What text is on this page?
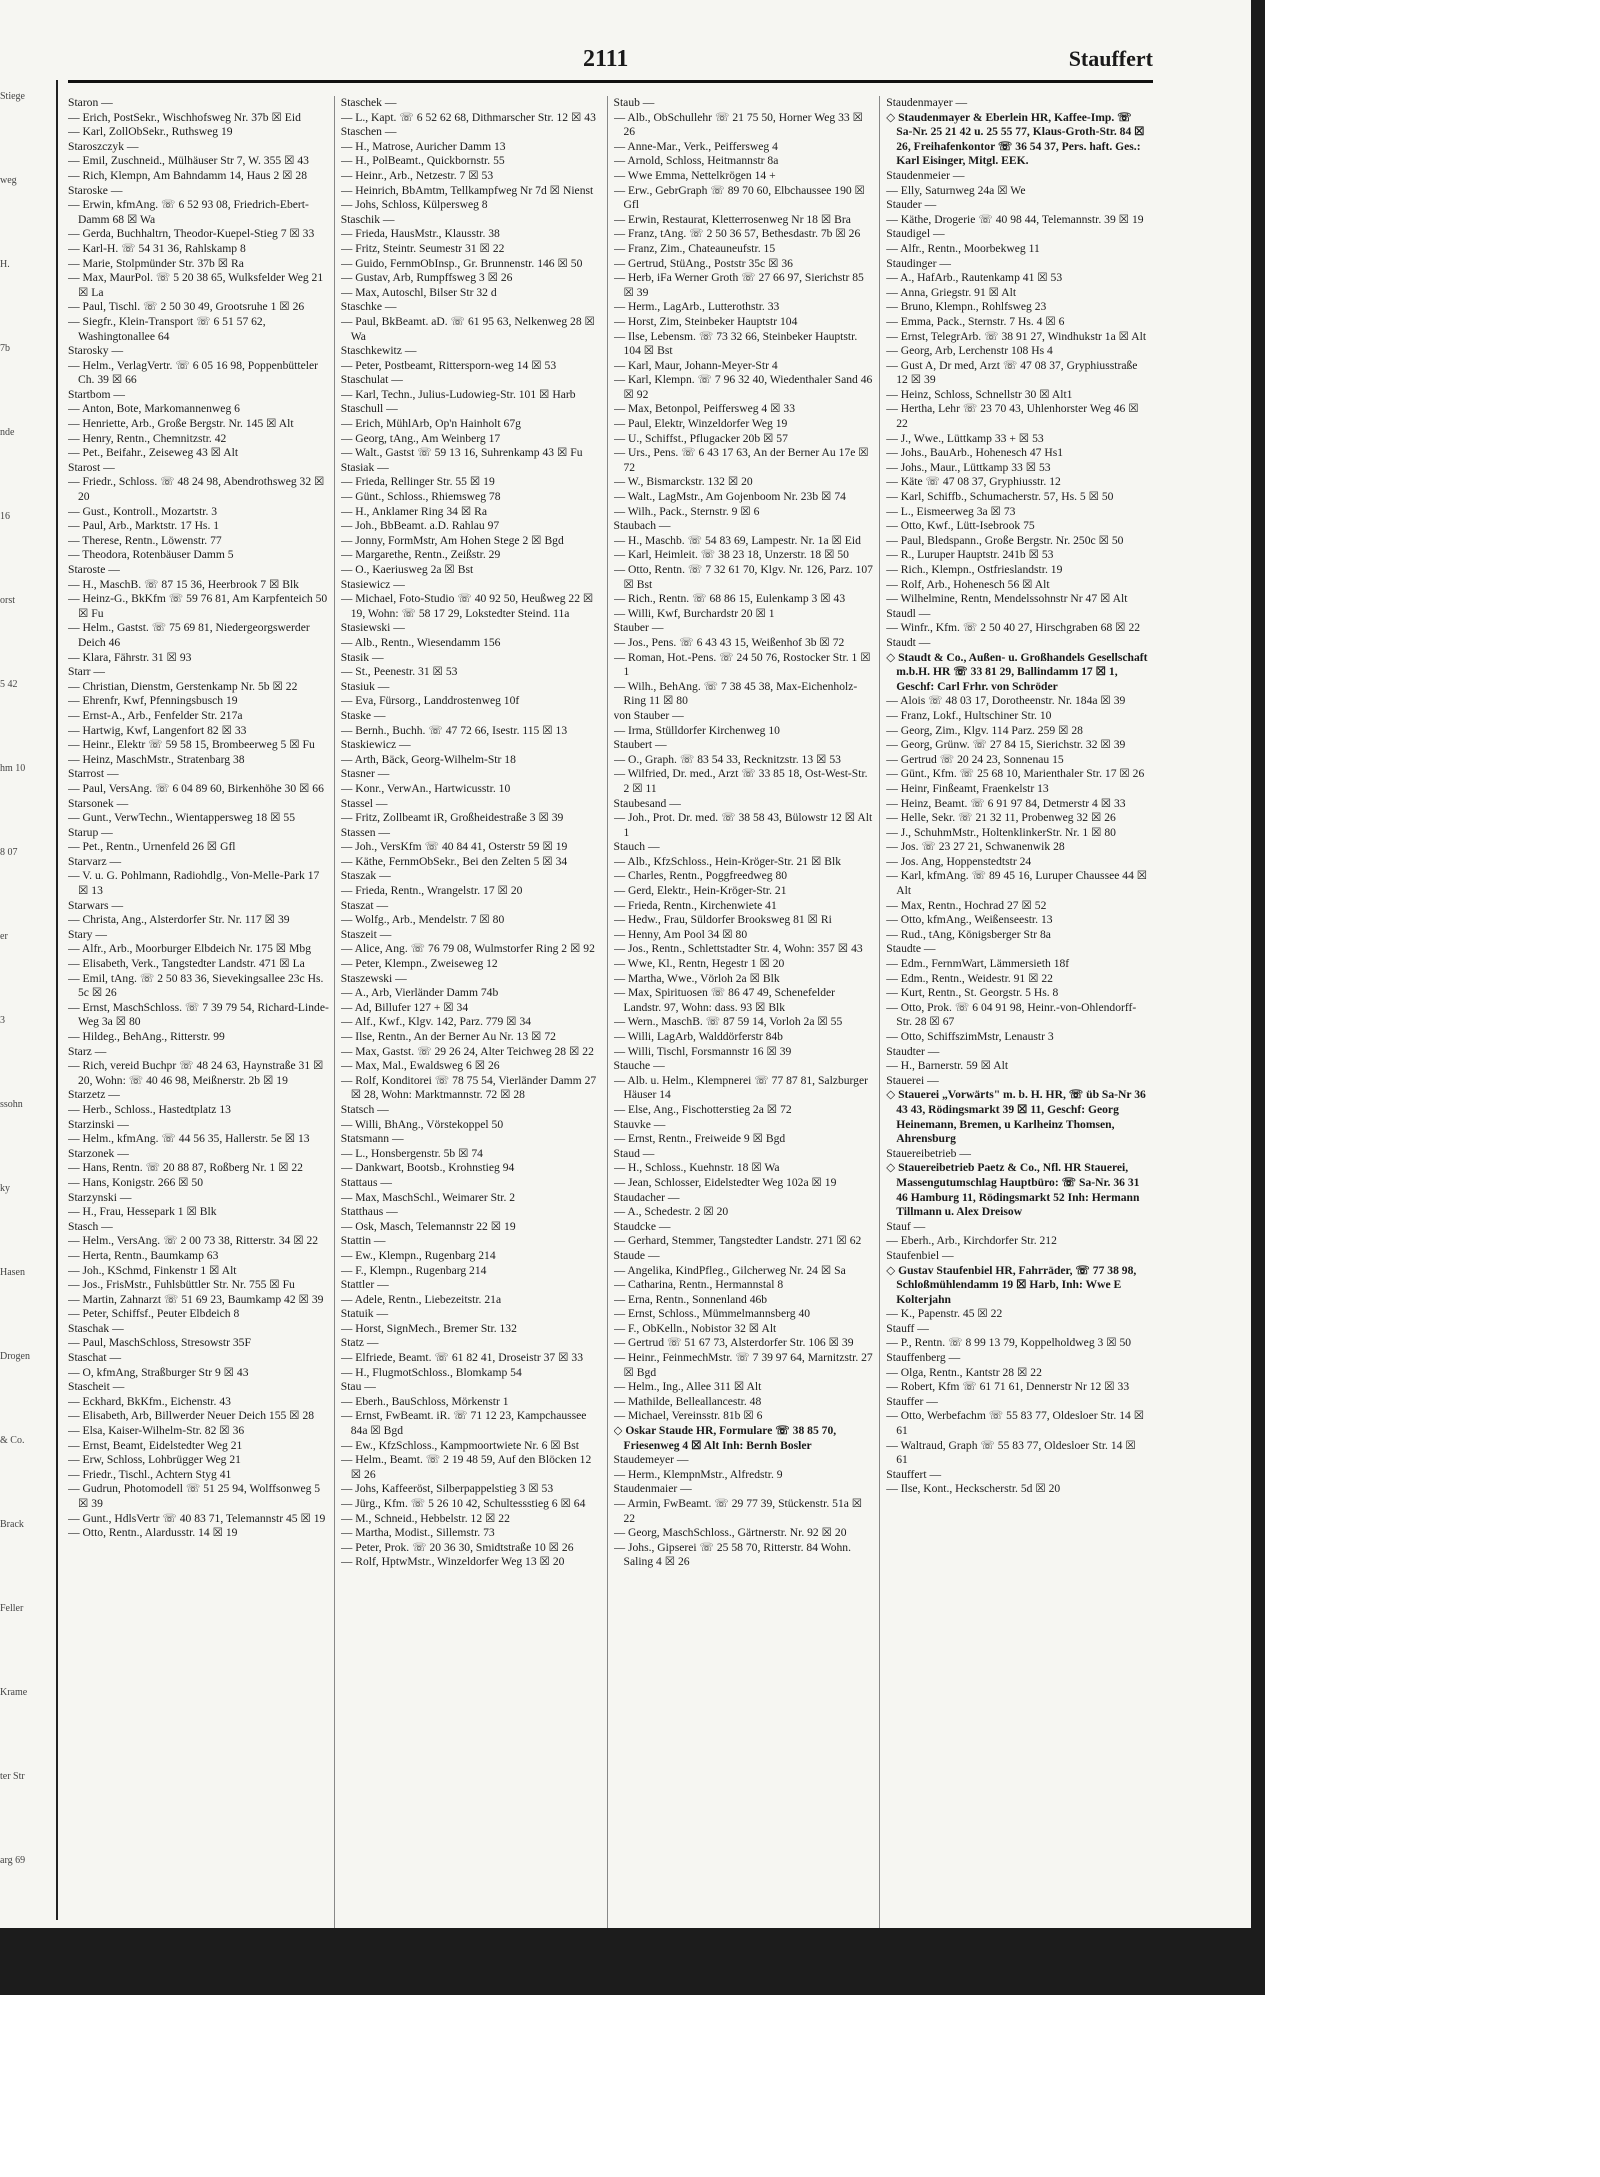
Stiege
weg
H.
7b
nde
16
orst
5 42
hm 10
8 07
er
3
ssohn
ky
Hasen
Drogen
& Co.
Brack
Feller
Krame
ter Str
arg 69
2111	Stauffert
Staron —
— Erich, PostSekr., Wischhofsweg Nr. 37b ☒ Eid
— Karl, ZollObSekr., Ruthsweg 19
Staroszczyk —
— Emil, Zuschneid., Mülhäuser Str 7, W. 355 ☒ 43
— Rich, Klempn, Am Bahndamm 14, Haus 2 ☒ 28
Staroske —
— Erwin, kfmAng. ☏ 6 52 93 08, Friedrich-Ebert-Damm 68 ☒ Wa
— Gerda, Buchhaltrn, Theodor-Kuepel-Stieg 7 ☒ 33
— Karl-H. ☏ 54 31 36, Rahlskamp 8
— Marie, Stolpmünder Str. 37b ☒ Ra
— Max, MaurPol. ☏ 5 20 38 65, Wulksfelder Weg 21 ☒ La
— Paul, Tischl. ☏ 2 50 30 49, Grootsruhe 1 ☒ 26
— Siegfr., Klein-Transport ☏ 6 51 57 62, Washingtonallee 64
Starosky —
— Helm., VerlagVertr. ☏ 6 05 16 98, Poppenbütteler Ch. 39 ☒ 66
Startbom —
— Anton, Bote, Markomannenweg 6
— Henriette, Arb., Große Bergstr. Nr. 145 ☒ Alt
— Henry, Rentn., Chemnitzstr. 42
— Pet., Beifahr., Zeiseweg 43 ☒ Alt
Starost —
— Friedr., Schloss. ☏ 48 24 98, Abendrothsweg 32 ☒ 20
— Gust., Kontroll., Mozartstr. 3
— Paul, Arb., Marktstr. 17 Hs. 1
— Therese, Rentn., Löwenstr. 77
— Theodora, Rotenbäuser Damm 5
Staroste —
— H., MaschB. ☏ 87 15 36, Heerbrook 7 ☒ Blk
— Heinz-G., BkKfm ☏ 59 76 81, Am Karpfenteich 50 ☒ Fu
— Helm., Gastst. ☏ 75 69 81, Niedergeorgswerder Deich 46
— Klara, Fährstr. 31 ☒ 93
Starr —
— Christian, Dienstm, Gerstenkamp Nr. 5b ☒ 22
— Ehrenfr, Kwf, Pfenningsbusch 19
— Ernst-A., Arb., Fenfelder Str. 217a
— Hartwig, Kwf, Langenfort 82 ☒ 33
— Heinr., Elektr ☏ 59 58 15, Brombeerweg 5 ☒ Fu
— Heinz, MaschMstr., Stratenbarg 38
Starrost —
— Paul, VersAng. ☏ 6 04 89 60, Birkenhöhe 30 ☒ 66
Starsonek —
— Gunt., VerwTechn., Wientappersweg 18 ☒ 55
Starup —
— Pet., Rentn., Urnenfeld 26 ☒ Gfl
Starvarz —
— V. u. G. Pohlmann, Radiohdlg., Von-Melle-Park 17 ☒ 13
Starwars —
— Christa, Ang., Alsterdorfer Str. Nr. 117 ☒ 39
Stary —
— Alfr., Arb., Moorburger Elbdeich Nr. 175 ☒ Mbg
— Elisabeth, Verk., Tangstedter Landstr. 471 ☒ La
— Emil, tAng. ☏ 2 50 83 36, Sievekingsallee 23c Hs. 5c ☒ 26
— Ernst, MaschSchloss. ☏ 7 39 79 54, Richard-Linde-Weg 3a ☒ 80
— Hildeg., BehAng., Ritterstr. 99
Starz —
— Rich, vereid Buchpr ☏ 48 24 63, Haynstraße 31 ☒ 20, Wohn: ☏ 40 46 98, Meißnerstr. 2b ☒ 19
Starzetz —
— Herb., Schloss., Hastedtplatz 13
Starzinski —
— Helm., kfmAng. ☏ 44 56 35, Hallerstr. 5e ☒ 13
Starzonek —
— Hans, Rentn. ☏ 20 88 87, Roßberg Nr. 1 ☒ 22
— Hans, Konigstr. 266 ☒ 50
Starzynski —
— H., Frau, Hessepark 1 ☒ Blk
Stasch —
— Helm., VersAng. ☏ 2 00 73 38, Ritterstr. 34 ☒ 22
— Herta, Rentn., Baumkamp 63
— Joh., KSchmd, Finkenstr 1 ☒ Alt
— Jos., FrisMstr., Fuhlsbüttler Str. Nr. 755 ☒ Fu
— Martin, Zahnarzt ☏ 51 69 23, Baumkamp 42 ☒ 39
— Peter, Schiffsf., Peuter Elbdeich 8
Staschak —
— Paul, MaschSchloss, Stresowstr 35F
Staschat —
— O, kfmAng, Straßburger Str 9 ☒ 43
Stascheit —
— Eckhard, BkKfm., Eichenstr. 43
— Elisabeth, Arb, Billwerder Neuer Deich 155 ☒ 28
— Elsa, Kaiser-Wilhelm-Str. 82 ☒ 36
— Ernst, Beamt, Eidelstedter Weg 21
— Erw, Schloss, Lohbrügger Weg 21
— Friedr., Tischl., Achtern Styg 41
— Gudrun, Photomodell ☏ 51 25 94, Wolffsonweg 5 ☒ 39
— Gunt., HdlsVertr ☏ 40 83 71, Telemannstr 45 ☒ 19
— Otto, Rentn., Alardusstr. 14 ☒ 19
Staschek —
— L., Kapt. ☏ 6 52 62 68, Dithmarscher Str. 12 ☒ 43
Staschen —
— H., Matrose, Auricher Damm 13
— H., PolBeamt., Quickbornstr. 55
— Heinr., Arb., Netzestr. 7 ☒ 53
— Heinrich, BbAmtm, Tellkampfweg Nr 7d ☒ Nienst
— Johs, Schloss, Külpersweg 8
Staschik —
— Frieda, HausMstr., Klausstr. 38
— Fritz, Steintr. Seumestr 31 ☒ 22
— Guido, FernmObInsp., Gr. Brunnenstr. 146 ☒ 50
— Gustav, Arb, Rumpffsweg 3 ☒ 26
— Max, Autoschl, Bilser Str 32 d
Staschke —
— Paul, BkBeamt. aD. ☏ 61 95 63, Nelkenweg 28 ☒ Wa
Staschkewitz —
— Peter, Postbeamt, Rittersporn-weg 14 ☒ 53
Staschulat —
— Karl, Techn., Julius-Ludowieg-Str. 101 ☒ Harb
Staschull —
— Erich, MühlArb, Op'n Hainholt 67g
— Georg, tAng., Am Weinberg 17
— Walt., Gastst ☏ 59 13 16, Suhrenkamp 43 ☒ Fu
Stasiak —
— Frieda, Rellinger Str. 55 ☒ 19
— Günt., Schloss., Rhiemsweg 78
— H., Anklamer Ring 34 ☒ Ra
— Joh., BbBeamt. a.D. Rahlau 97
— Jonny, FormMstr, Am Hohen Stege 2 ☒ Bgd
— Margarethe, Rentn., Zeißstr. 29
— O., Kaeriusweg 2a ☒ Bst
Stasiewicz —
— Michael, Foto-Studio ☏ 40 92 50, Heußweg 22 ☒ 19, Wohn: ☏ 58 17 29, Lokstedter Steind. 11a
Stasiewski —
— Alb., Rentn., Wiesendamm 156
Stasik —
— St., Peenestr. 31 ☒ 53
Stasiuk —
— Eva, Fürsorg., Landdrostenweg 10f
Staske —
— Bernh., Buchh. ☏ 47 72 66, Isestr. 115 ☒ 13
Staskiewicz —
— Arth, Bäck, Georg-Wilhelm-Str 18
Stasner —
— Konr., VerwAn., Hartwicusstr. 10
Stassel —
— Fritz, Zollbeamt iR, Großheidestraße 3 ☒ 39
Stassen —
— Joh., VersKfm ☏ 40 84 41, Osterstr 59 ☒ 19
— Käthe, FernmObSekr., Bei den Zelten 5 ☒ 34
Staszak —
— Frieda, Rentn., Wrangelstr. 17 ☒ 20
Staszat —
— Wolfg., Arb., Mendelstr. 7 ☒ 80
Staszeit —
— Alice, Ang. ☏ 76 79 08, Wulmstorfer Ring 2 ☒ 92
— Peter, Klempn., Zweiseweg 12
Staszewski —
— A., Arb, Vierländer Damm 74b
— Ad, Billufer 127 + ☒ 34
— Alf., Kwf., Klgv. 142, Parz. 779 ☒ 34
— Ilse, Rentn., An der Berner Au Nr. 13 ☒ 72
— Max, Gastst. ☏ 29 26 24, Alter Teichweg 28 ☒ 22
— Max, Mal., Ewaldsweg 6 ☒ 26
— Rolf, Konditorei ☏ 78 75 54, Vierländer Damm 27 ☒ 28, Wohn: Marktmannstr. 72 ☒ 28
Statsch —
— Willi, BhAng., Vörstekoppel 50
Statsmann —
— L., Honsbergenstr. 5b ☒ 74
— Dankwart, Bootsb., Krohnstieg 94
Stattaus —
— Max, MaschSchl., Weimarer Str. 2
Statthaus —
— Osk, Masch, Telemannstr 22 ☒ 19
Stattin —
— Ew., Klempn., Rugenbarg 214
— F., Klempn., Rugenbarg 214
Stattler —
— Adele, Rentn., Liebezeitstr. 21a
Statuik —
— Horst, SignMech., Bremer Str. 132
Statz —
— Elfriede, Beamt. ☏ 61 82 41, Droseistr 37 ☒ 33
— H., FlugmotSchloss., Blomkamp 54
Stau —
— Eberh., BauSchloss, Mörkenstr 1
— Ernst, FwBeamt. iR. ☏ 71 12 23, Kampchaussee 84a ☒ Bgd
— Ew., KfzSchloss., Kampmoortwiete Nr. 6 ☒ Bst
— Helm., Beamt. ☏ 2 19 48 59, Auf den Blöcken 12 ☒ 26
— Johs, Kaffeeröst, Silberpappelstieg 3 ☒ 53
— Jürg., Kfm. ☏ 5 26 10 42, Schultessstieg 6 ☒ 64
— M., Schneid., Hebbelstr. 12 ☒ 22
— Martha, Modist., Sillemstr. 73
— Peter, Prok. ☏ 20 36 30, Smidtstraße 10 ☒ 26
— Rolf, HptwMstr., Winzeldorfer Weg 13 ☒ 20
Staub —
— Alb., ObSchullehr ☏ 21 75 50, Horner Weg 33 ☒ 26
— Anne-Mar., Verk., Peiffersweg 4
— Arnold, Schloss, Heitmannstr 8a
— Wwe Emma, Nettelkrögen 14 +
— Erw., GebrGraph ☏ 89 70 60, Elbchaussee 190 ☒ Gfl
— Erwin, Restaurat, Kletterrosenweg Nr 18 ☒ Bra
— Franz, tAng. ☏ 2 50 36 57, Bethesdastr. 7b ☒ 26
— Franz, Zim., Chateauneufstr. 15
— Gertrud, StüAng., Poststr 35c ☒ 36
— Herb, iFa Werner Groth ☏ 27 66 97, Sierichstr 85 ☒ 39
— Herm., LagArb., Lutterothstr. 33
— Horst, Zim, Steinbeker Hauptstr 104
— Ilse, Lebensm. ☏ 73 32 66, Steinbeker Hauptstr. 104 ☒ Bst
— Karl, Maur, Johann-Meyer-Str 4
— Karl, Klempn. ☏ 7 96 32 40, Wiedenthaler Sand 46 ☒ 92
— Max, Betonpol, Peiffersweg 4 ☒ 33
— Paul, Elektr, Winzeldorfer Weg 19
— U., Schiffst., Pflugacker 20b ☒ 57
— Urs., Pens. ☏ 6 43 17 63, An der Berner Au 17e ☒ 72
— W., Bismarckstr. 132 ☒ 20
— Walt., LagMstr., Am Gojenboom Nr. 23b ☒ 74
— Wilh., Pack., Sternstr. 9 ☒ 6
Staubach —
— H., Maschb. ☏ 54 83 69, Lampestr. Nr. 1a ☒ Eid
— Karl, Heimleit. ☏ 38 23 18, Unzerstr. 18 ☒ 50
— Otto, Rentn. ☏ 7 32 61 70, Klgv. Nr. 126, Parz. 107 ☒ Bst
— Rich., Rentn. ☏ 68 86 15, Eulenkamp 3 ☒ 43
— Willi, Kwf, Burchardstr 20 ☒ 1
Stauber —
— Jos., Pens. ☏ 6 43 43 15, Weißenhof 3b ☒ 72
— Roman, Hot.-Pens. ☏ 24 50 76, Rostocker Str. 1 ☒ 1
— Wilh., BehAng. ☏ 7 38 45 38, Max-Eichenholz-Ring 11 ☒ 80
von Stauber —
— Irma, Stülldorfer Kirchenweg 10
Staubert —
— O., Graph. ☏ 83 54 33, Recknitzstr. 13 ☒ 53
— Wilfried, Dr. med., Arzt ☏ 33 85 18, Ost-West-Str. 2 ☒ 11
Staubesand —
— Joh., Prot. Dr. med. ☏ 38 58 43, Bülowstr 12 ☒ Alt 1
Stauch —
— Alb., KfzSchloss., Hein-Kröger-Str. 21 ☒ Blk
— Charles, Rentn., Poggfreedweg 80
— Gerd, Elektr., Hein-Kröger-Str. 21
— Frieda, Rentn., Kirchenwiete 41
— Hedw., Frau, Süldorfer Brooksweg 81 ☒ Ri
— Henny, Am Pool 34 ☒ 80
— Jos., Rentn., Schlettstadter Str. 4, Wohn: 357 ☒ 43
— Wwe, Kl., Rentn, Hegestr 1 ☒ 20
— Martha, Wwe., Vörloh 2a ☒ Blk
— Max, Spirituosen ☏ 86 47 49, Schenefelder Landstr. 97, Wohn: dass. 93 ☒ Blk
— Wern., MaschB. ☏ 87 59 14, Vorloh 2a ☒ 55
— Willi, LagArb, Walddörferstr 84b
— Willi, Tischl, Forsmannstr 16 ☒ 39
Stauche —
— Alb. u. Helm., Klempnerei ☏ 77 87 81, Salzburger Häuser 14
— Else, Ang., Fischotterstieg 2a ☒ 72
Stauvke —
— Ernst, Rentn., Freiweide 9 ☒ Bgd
Staud —
— H., Schloss., Kuehnstr. 18 ☒ Wa
— Jean, Schlosser, Eidelstedter Weg 102a ☒ 19
Staudacher —
— A., Schedestr. 2 ☒ 20
Staudcke —
— Gerhard, Stemmer, Tangstedter Landstr. 271 ☒ 62
Staude —
— Angelika, KindPfleg., Gilcherweg Nr. 24 ☒ Sa
— Catharina, Rentn., Hermannstal 8
— Erna, Rentn., Sonnenland 46b
— Ernst, Schloss., Mümmelmannsberg 40
— F., ObKelln., Nobistor 32 ☒ Alt
— Gertrud ☏ 51 67 73, Alsterdorfer Str. 106 ☒ 39
— Heinr., FeinmechMstr. ☏ 7 39 97 64, Marnitzstr. 27 ☒ Bgd
— Helm., Ing., Allee 311 ☒ Alt
— Mathilde, Belleallancestr. 48
— Michael, Vereinsstr. 81b ☒ 6
◇ Oskar Staude HR, Formulare ☏ 38 85 70, Friesenweg 4 ☒ Alt Inh: Bernh Bosler
Staudemeyer —
— Herm., KlempnMstr., Alfredstr. 9
Staudenmaier —
— Armin, FwBeamt. ☏ 29 77 39, Stückenstr. 51a ☒ 22
— Georg, MaschSchloss., Gärtnerstr. Nr. 92 ☒ 20
— Johs., Gipserei ☏ 25 58 70, Ritterstr. 84 Wohn. Saling 4 ☒ 26
Staudenmayer —
◇ Staudenmayer & Eberlein HR, Kaffee-Imp. ☏ Sa-Nr. 25 21 42 u. 25 55 77, Klaus-Groth-Str. 84 ☒ 26, Freihafenkontor ☏ 36 54 37, Pers. haft. Ges.: Karl Eisinger, Mitgl. EEK.
Staudenmeier —
— Elly, Saturnweg 24a ☒ We
Stauder —
— Käthe, Drogerie ☏ 40 98 44, Telemannstr. 39 ☒ 19
Staudigel —
— Alfr., Rentn., Moorbekweg 11
Staudinger —
— A., HafArb., Rautenkamp 41 ☒ 53
— Anna, Griegstr. 91 ☒ Alt
— Bruno, Klempn., Rohlfsweg 23
— Emma, Pack., Sternstr. 7 Hs. 4 ☒ 6
— Ernst, TelegrArb. ☏ 38 91 27, Windhukstr 1a ☒ Alt
— Georg, Arb, Lerchenstr 108 Hs 4
— Gust A, Dr med, Arzt ☏ 47 08 37, Gryphiusstraße 12 ☒ 39
— Heinz, Schloss, Schnellstr 30 ☒ Alt1
— Hertha, Lehr ☏ 23 70 43, Uhlenhorster Weg 46 ☒ 22
— J., Wwe., Lüttkamp 33 + ☒ 53
— Johs., BauArb., Hohenesch 47 Hs1
— Johs., Maur., Lüttkamp 33 ☒ 53
— Käte ☏ 47 08 37, Gryphiusstr. 12
— Karl, Schiffb., Schumacherstr. 57, Hs. 5 ☒ 50
— L., Eismeerweg 3a ☒ 73
— Otto, Kwf., Lütt-Isebrook 75
— Paul, Bledspann., Große Bergstr. Nr. 250c ☒ 50
— R., Luruper Hauptstr. 241b ☒ 53
— Rich., Klempn., Ostfrieslandstr. 19
— Rolf, Arb., Hohenesch 56 ☒ Alt
— Wilhelmine, Rentn, Mendelssohnstr Nr 47 ☒ Alt
Staudl —
— Winfr., Kfm. ☏ 2 50 40 27, Hirschgraben 68 ☒ 22
Staudt —
◇ Staudt & Co., Außen- u. Großhandels Gesellschaft m.b.H. HR ☏ 33 81 29, Ballindamm 17 ☒ 1, Geschf: Carl Frhr. von Schröder
— Alois ☏ 48 03 17, Dorotheenstr. Nr. 184a ☒ 39
— Franz, Lokf., Hultschiner Str. 10
— Georg, Zim., Klgv. 114 Parz. 259 ☒ 28
— Georg, Grünw. ☏ 27 84 15, Sierichstr. 32 ☒ 39
— Gertrud ☏ 20 24 23, Sonnenau 15
— Günt., Kfm. ☏ 25 68 10, Marienthaler Str. 17 ☒ 26
— Heinr, Finßeamt, Fraenkelstr 13
— Heinz, Beamt. ☏ 6 91 97 84, Detmerstr 4 ☒ 33
— Helle, Sekr. ☏ 21 32 11, Probenweg 32 ☒ 26
— J., SchuhmMstr., HoltenklinkerStr. Nr. 1 ☒ 80
— Jos. ☏ 23 27 21, Schwanenwik 28
— Jos. Ang, Hoppenstedtstr 24
— Karl, kfmAng. ☏ 89 45 16, Luruper Chaussee 44 ☒ Alt
— Max, Rentn., Hochrad 27 ☒ 52
— Otto, kfmAng., Weißenseestr. 13
— Rud., tAng, Königsberger Str 8a
Staudte —
— Edm., FernmWart, Lämmersieth 18f
— Edm., Rentn., Weidestr. 91 ☒ 22
— Kurt, Rentn., St. Georgstr. 5 Hs. 8
— Otto, Prok. ☏ 6 04 91 98, Heinr.-von-Ohlendorff-Str. 28 ☒ 67
— Otto, SchiffszimMstr, Lenaustr 3
Staudter —
— H., Barnerstr. 59 ☒ Alt
Stauerei —
◇ Stauerei „Vorwärts" m. b. H. HR, ☏ üb Sa-Nr 36 43 43, Rödingsmarkt 39 ☒ 11, Geschf: Georg Heinemann, Bremen, u Karlheinz Thomsen, Ahrensburg
Stauereibetrieb —
◇ Stauereibetrieb Paetz & Co., Nfl. HR Stauerei, Massengutumschlag Hauptbüro: ☏ Sa-Nr. 36 31 46 Hamburg 11, Rödingsmarkt 52 Inh: Hermann Tillmann u. Alex Dreisow
Stauf —
— Eberh., Arb., Kirchdorfer Str. 212
Staufenbiel —
◇ Gustav Staufenbiel HR, Fahrräder, ☏ 77 38 98, Schloßmühlendamm 19 ☒ Harb, Inh: Wwe E Kolterjahn
— K., Papenstr. 45 ☒ 22
Stauff —
— P., Rentn. ☏ 8 99 13 79, Koppelholdweg 3 ☒ 50
Stauffenberg —
— Olga, Rentn., Kantstr 28 ☒ 22
— Robert, Kfm ☏ 61 71 61, Dennerstr Nr 12 ☒ 33
Stauffer —
— Otto, Werbefachm ☏ 55 83 77, Oldesloer Str. 14 ☒ 61
— Waltraud, Graph ☏ 55 83 77, Oldesloer Str. 14 ☒ 61
Stauffert —
— Ilse, Kont., Heckscherstr. 5d ☒ 20
